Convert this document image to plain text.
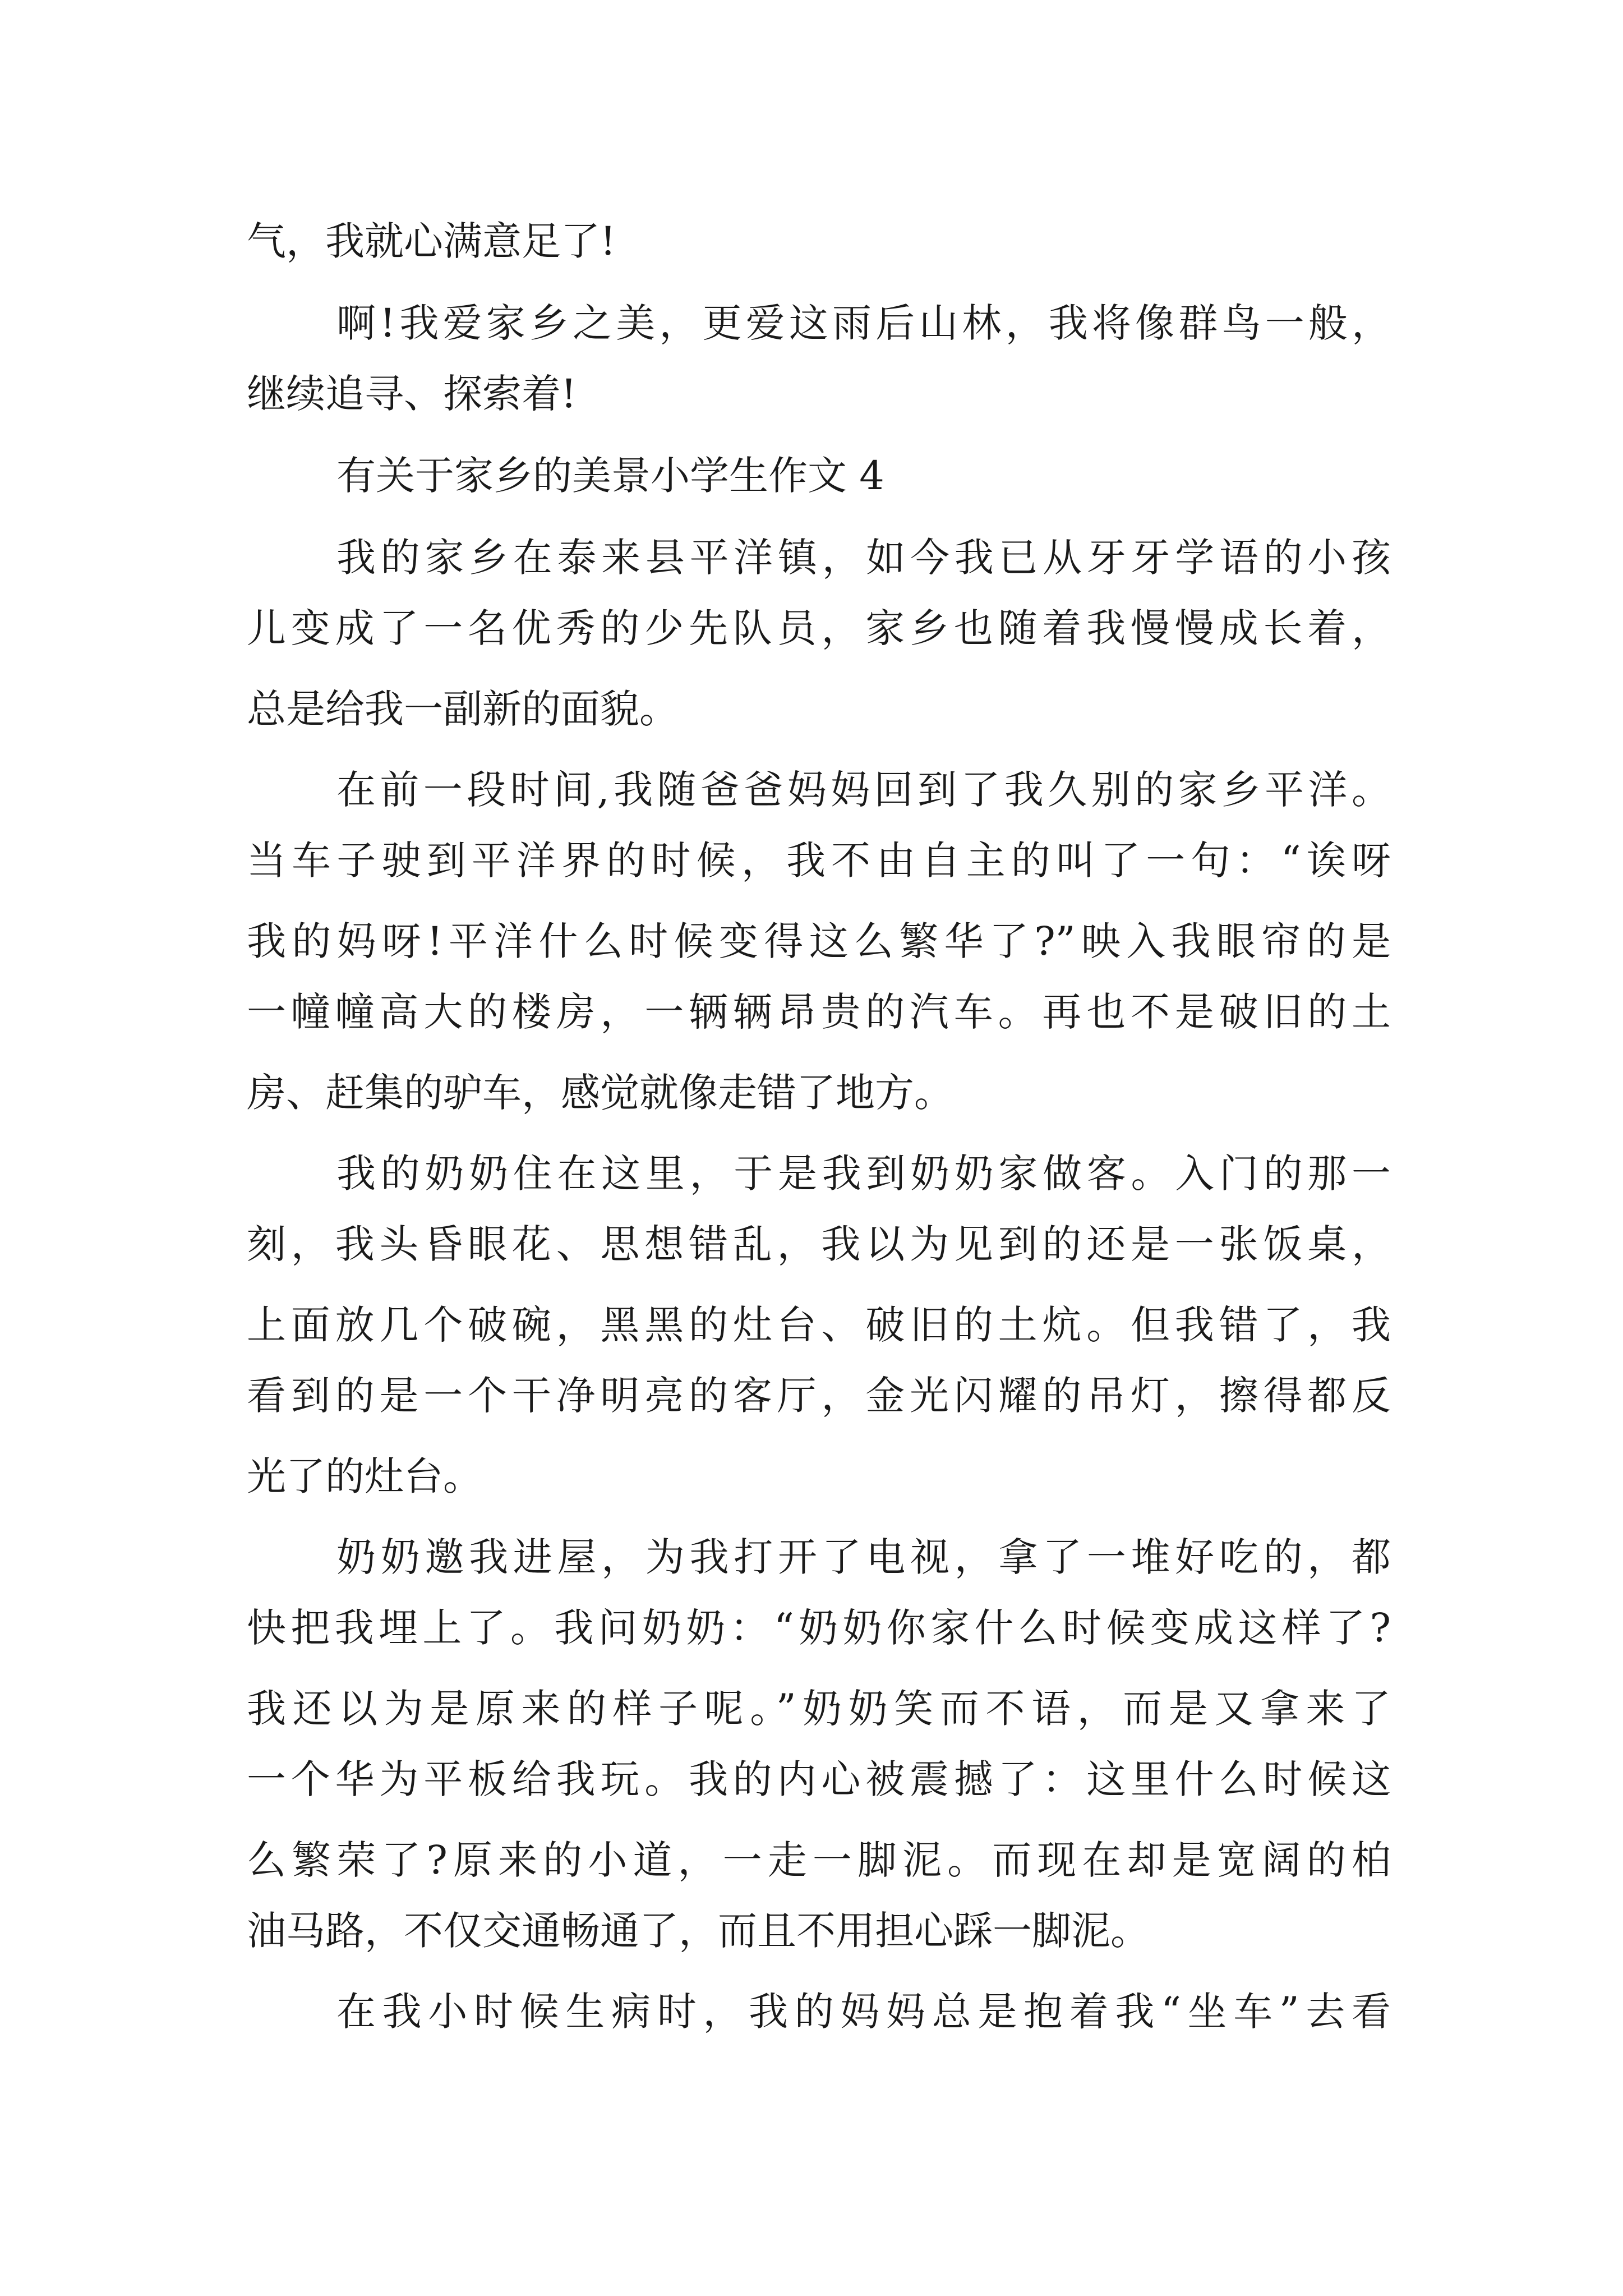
气，我就心满意足了!
啊!我爱家乡之美，更爱这雨后山林，我将像群鸟一般，
继续追寻、探索着!
有关于家乡的美景小学生作文 4
我的家乡在泰来县平洋镇，如今我已从牙牙学语的小孩
儿变成了一名优秀的少先队员，家乡也随着我慢慢成长着，
总是给我一副新的面貌。
在前一段时间,我随爸爸妈妈回到了我久别的家乡平洋。
当车子驶到平洋界的时候，我不由自主的叫了一句：“诶呀
我的妈呀!平洋什么时候变得这么繁华了?”映入我眼帘的是
一幢幢高大的楼房，一辆辆昂贵的汽车。再也不是破旧的土
房、赶集的驴车，感觉就像走错了地方。
我的奶奶住在这里，于是我到奶奶家做客。入门的那一
刻，我头昏眼花、思想错乱，我以为见到的还是一张饭桌，
上面放几个破碗，黑黑的灶台、破旧的土炕。但我错了，我
看到的是一个干净明亮的客厅，金光闪耀的吊灯，擦得都反
光了的灶台。
奶奶邀我进屋，为我打开了电视，拿了一堆好吃的，都
快把我埋上了。我问奶奶：“奶奶你家什么时候变成这样了?
我还以为是原来的样子呢。”奶奶笑而不语，而是又拿来了
一个华为平板给我玩。我的内心被震撼了：这里什么时候这
么繁荣了?原来的小道，一走一脚泥。而现在却是宽阔的柏
油马路，不仅交通畅通了，而且不用担心踩一脚泥。
在我小时候生病时，我的妈妈总是抱着我“坐车”去看
